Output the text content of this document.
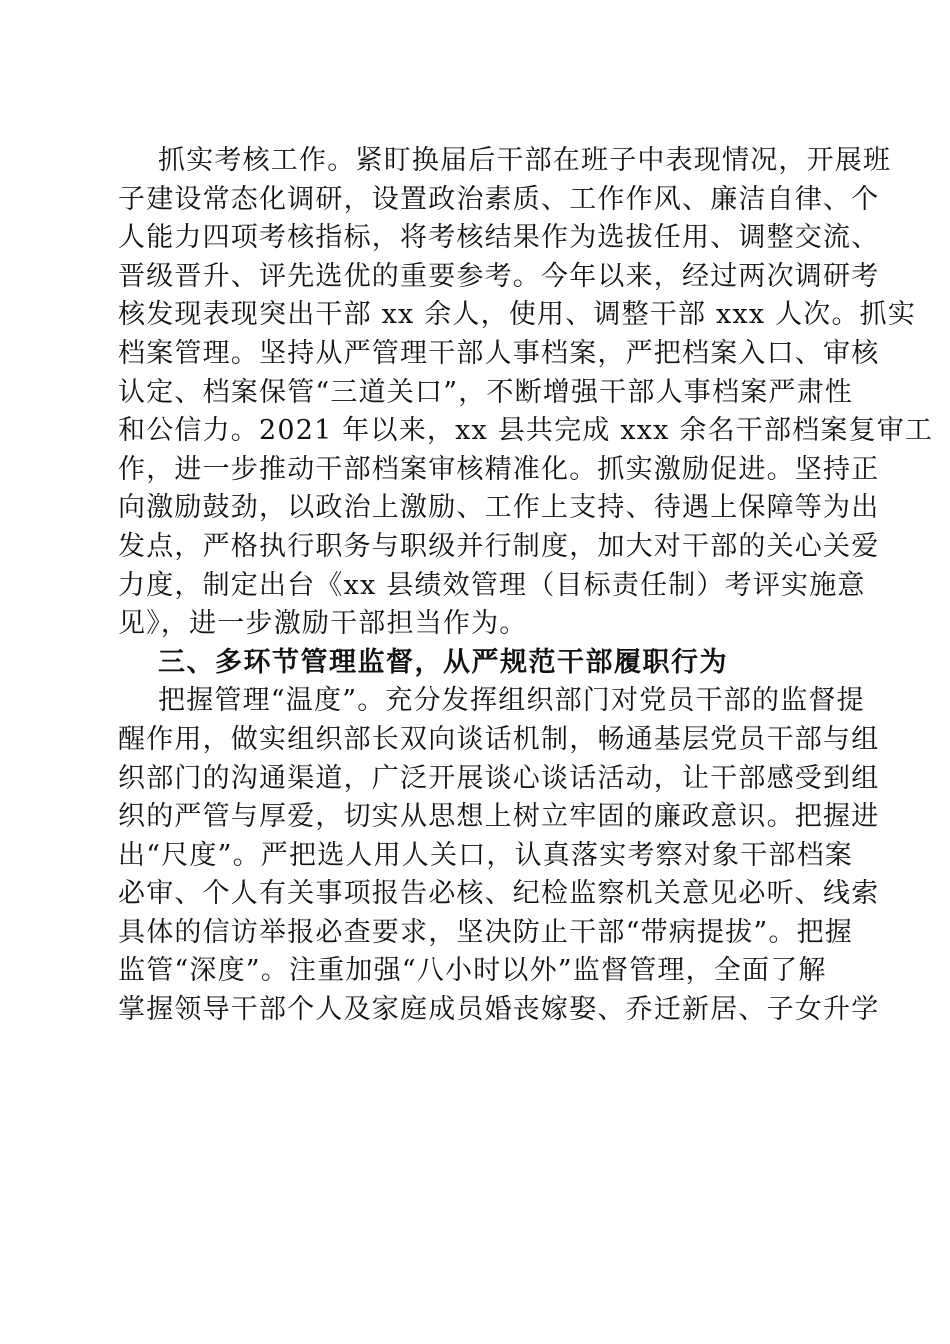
抓实考核工作。紧盯换届后干部在班子中表现情况，开展班
子建设常态化调研，设置政治素质、工作作风、廉洁自律、个
人能力四项考核指标，将考核结果作为选拔任用、调整交流、
晋级晋升、评先选优的重要参考。今年以来，经过两次调研考
核发现表现突出干部 xx 余人，使用、调整干部 xxx 人次。抓实
档案管理。坚持从严管理干部人事档案，严把档案入口、审核
认定、档案保管“三道关口”，不断增强干部人事档案严肃性
和公信力。2021 年以来，xx 县共完成 xxx 余名干部档案复审工
作，进一步推动干部档案审核精准化。抓实激励促进。坚持正
向激励鼓劲，以政治上激励、工作上支持、待遇上保障等为出
发点，严格执行职务与职级并行制度，加大对干部的关心关爱
力度，制定出台《xx 县绩效管理（目标责任制）考评实施意
见》，进一步激励干部担当作为。
三、多环节管理监督，从严规范干部履职行为
把握管理“温度”。充分发挥组织部门对党员干部的监督提
醒作用，做实组织部长双向谈话机制，畅通基层党员干部与组
织部门的沟通渠道，广泛开展谈心谈话活动，让干部感受到组
织的严管与厚爱，切实从思想上树立牢固的廉政意识。把握进
出“尺度”。严把选人用人关口，认真落实考察对象干部档案
必审、个人有关事项报告必核、纪检监察机关意见必听、线索
具体的信访举报必查要求，坚决防止干部“带病提拔”。把握
监管“深度”。注重加强“八小时以外”监督管理，全面了解
掌握领导干部个人及家庭成员婚丧嫁娶、乔迁新居、子女升学
